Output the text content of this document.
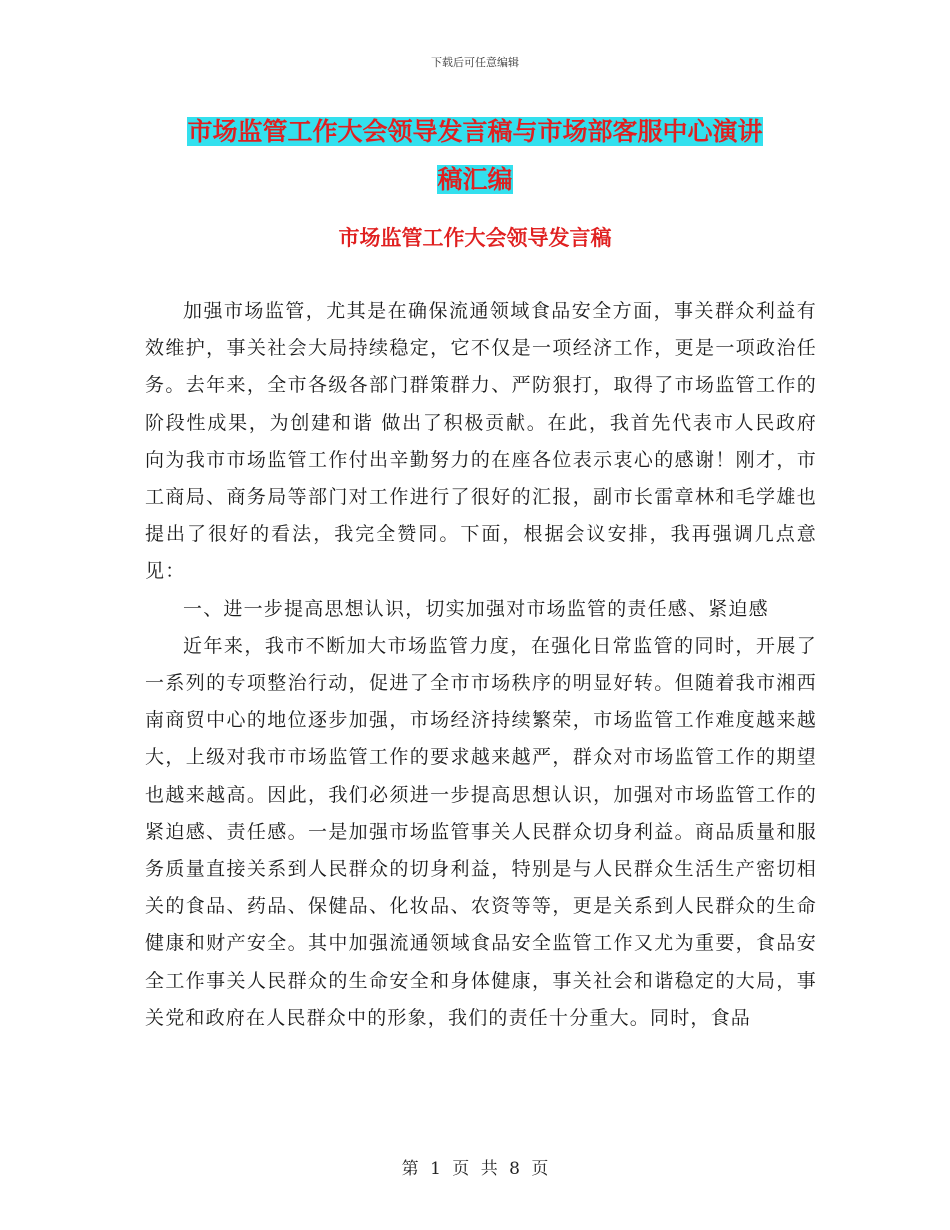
下载后可任意编辑
市场监管工作大会领导发言稿与市场部客服中心演讲
稿汇编
市场监管工作大会领导发言稿

加强市场监管，尤其是在确保流通领域食品安全方面，事关群众利益有效维护，事关社会大局持续稳定，它不仅是一项经济工作，更是一项政治任务。去年来，全市各级各部门群策群力、严防狠打，取得了市场监管工作的阶段性成果，为创建和谐 做出了积极贡献。在此，我首先代表市人民政府向为我市市场监管工作付出辛勤努力的在座各位表示衷心的感谢！刚才，市工商局、商务局等部门对工作进行了很好的汇报，副市长雷章林和毛学雄也提出了很好的看法，我完全赞同。下面，根据会议安排，我再强调几点意见：

一、进一步提高思想认识，切实加强对市场监管的责任感、紧迫感

近年来，我市不断加大市场监管力度，在强化日常监管的同时，开展了一系列的专项整治行动，促进了全市市场秩序的明显好转。但随着我市湘西南商贸中心的地位逐步加强，市场经济持续繁荣，市场监管工作难度越来越大，上级对我市市场监管工作的要求越来越严，群众对市场监管工作的期望也越来越高。因此，我们必须进一步提高思想认识，加强对市场监管工作的紧迫感、责任感。一是加强市场监管事关人民群众切身利益。商品质量和服务质量直接关系到人民群众的切身利益，特别是与人民群众生活生产密切相关的食品、药品、保健品、化妆品、农资等等，更是关系到人民群众的生命健康和财产安全。其中加强流通领域食品安全监管工作又尤为重要，食品安全工作事关人民群众的生命安全和身体健康，事关社会和谐稳定的大局，事关党和政府在人民群众中的形象，我们的责任十分重大。同时，食品

第 1 页 共 8 页
